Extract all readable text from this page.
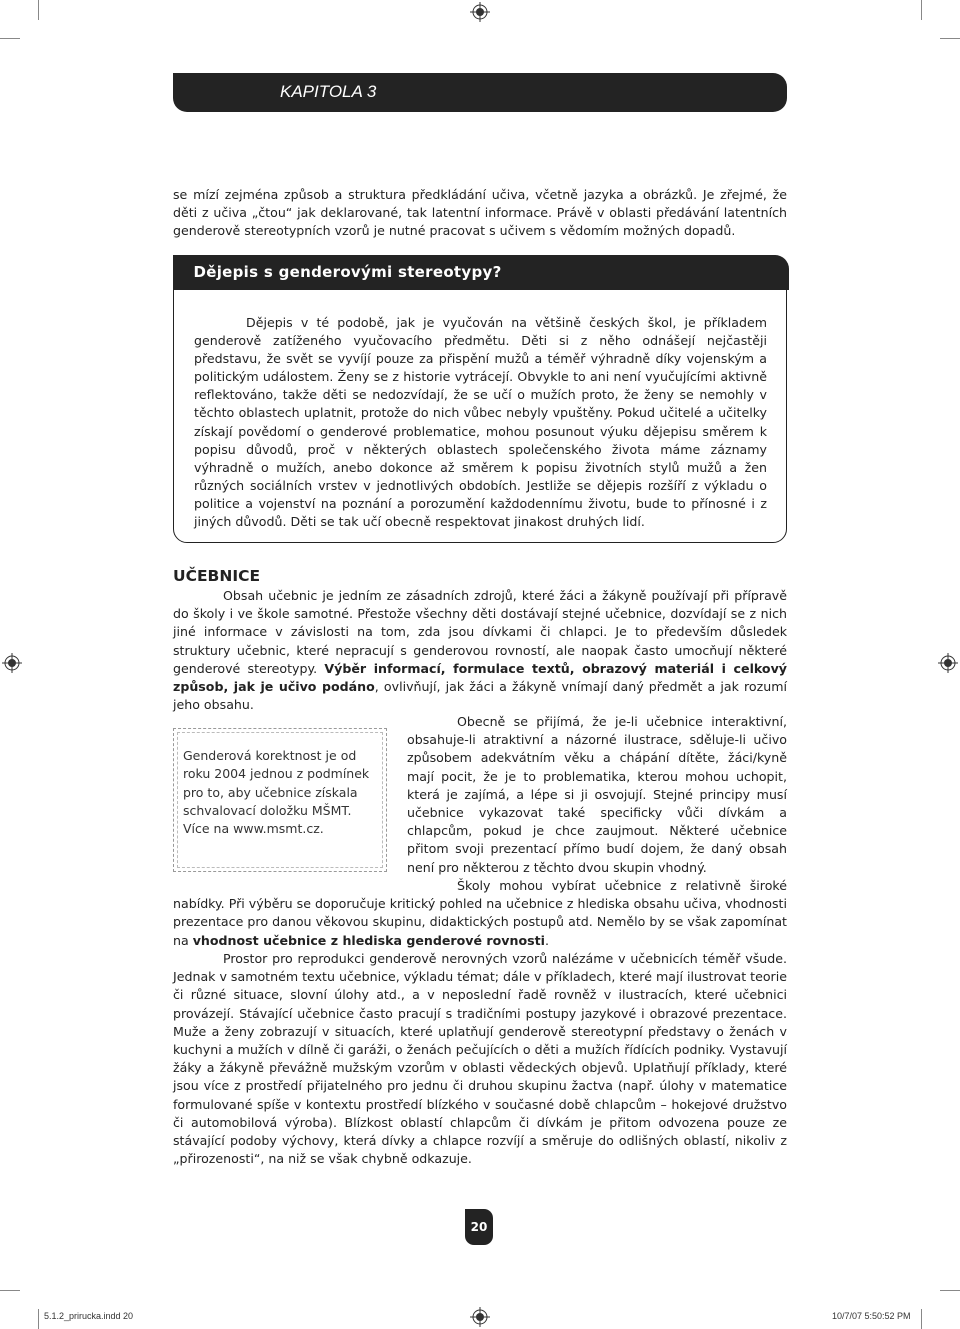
KAPITOLA 3

se mízí zejména způsob a struktura předkládání učiva, včetně jazyka a obrázků. Je zřejmé, že děti z učiva „čtou“ jak deklarované, tak latentní informace. Právě v oblasti předávání latentních genderově stereotypních vzorů je nutné pracovat s učivem s vědomím možných dopadů.

Dějepis s genderovými stereotypy?

Dějepis v té podobě, jak je vyučován na většině českých škol, je příkladem genderově zatíženého vyučovacího předmětu. Děti si z něho odnášejí nejčastěji představu, že svět se vyvíjí pouze za přispění mužů a téměř výhradně díky vojenským a politickým událostem. Ženy se z historie vytrácejí. Obvykle to ani není vyučujícími aktivně reflektováno, takže děti se nedozvídají, že se učí o mužích proto, že ženy se nemohly v těchto oblastech uplatnit, protože do nich vůbec nebyly vpuštěny. Pokud učitelé a učitelky získají povědomí o genderové problematice, mohou posunout výuku dějepisu směrem k popisu důvodů, proč v některých oblastech společenského života máme záznamy výhradně o mužích, anebo dokonce až směrem k popisu životních stylů mužů a žen různých sociálních vrstev v jednotlivých obdobích. Jestliže se dějepis rozšíří z výkladu o politice a vojenství na poznání a porozumění každodennímu životu, bude to přínosné i z jiných důvodů. Děti se tak učí obecně respektovat jinakost druhých lidí.

UČEBNICE

Obsah učebnic je jedním ze zásadních zdrojů, které žáci a žákyně používají při přípravě do školy i ve škole samotné. Přestože všechny děti dostávají stejné učebnice, dozvídají se z nich jiné informace v závislosti na tom, zda jsou dívkami či chlapci. Je to především důsledek struktury učebnic, které nepracují s genderovou rovností, ale naopak často umocňují některé genderové stereotypy. Výběr informací, formulace textů, obrazový materiál i celkový způsob, jak je učivo podáno, ovlivňují, jak žáci a žákyně vnímají daný předmět a jak rozumí jeho obsahu.

Genderová korektnost je od roku 2004 jednou z podmínek pro to, aby učebnice získala schvalovací doložku MŠMT. Více na www.msmt.cz.

Obecně se přijímá, že je-li učebnice interaktivní, obsahuje-li atraktivní a názorné ilustrace, sděluje-li učivo způsobem adekvátním věku a chápání dítěte, žáci/kyně mají pocit, že je to problematika, kterou mohou uchopit, která je zajímá, a lépe si ji osvojují. Stejné principy musí učebnice vykazovat také specificky vůči dívkám a chlapcům, pokud je chce zaujmout. Některé učebnice přitom svoji prezentací přímo budí dojem, že daný obsah není pro některou z těchto dvou skupin vhodný.

Školy mohou vybírat učebnice z relativně široké nabídky. Při výběru se doporučuje kritický pohled na učebnice z hlediska obsahu učiva, vhodnosti prezentace pro danou věkovou skupinu, didaktických postupů atd. Nemělo by se však zapomínat na vhodnost učebnice z hlediska genderové rovnosti.

Prostor pro reprodukci genderově nerovných vzorů nalézáme v učebnicích téměř všude. Jednak v samotném textu učebnice, výkladu témat; dále v příkladech, které mají ilustrovat teorie či různé situace, slovní úlohy atd., a v neposlední řadě rovněž v ilustracích, které učebnici provázejí. Stávající učebnice často pracují s tradičními postupy jazykové i obrazové prezentace. Muže a ženy zobrazují v situacích, které uplatňují genderově stereotypní představy o ženách v kuchyni a mužích v dílně či garáži, o ženách pečujících o děti a mužích řídících podniky. Vystavují žáky a žákyně převážně mužským vzorům v oblasti vědeckých objevů. Uplatňují příklady, které jsou více z prostředí přijatelného pro jednu či druhou skupinu žactva (např. úlohy v matematice formulované spíše v kontextu prostředí blízkého v současné době chlapcům – hokejové družstvo či automobilová výroba). Blízkost oblastí chlapcům či dívkám je přitom odvozena pouze ze stávající podoby výchovy, která dívky a chlapce rozvíjí a směruje do odlišných oblastí, nikoliv z „přirozenosti“, na niž se však chybně odkazuje.

20
5.1.2_prirucka.indd 20	10/7/07 5:50:52 PM
